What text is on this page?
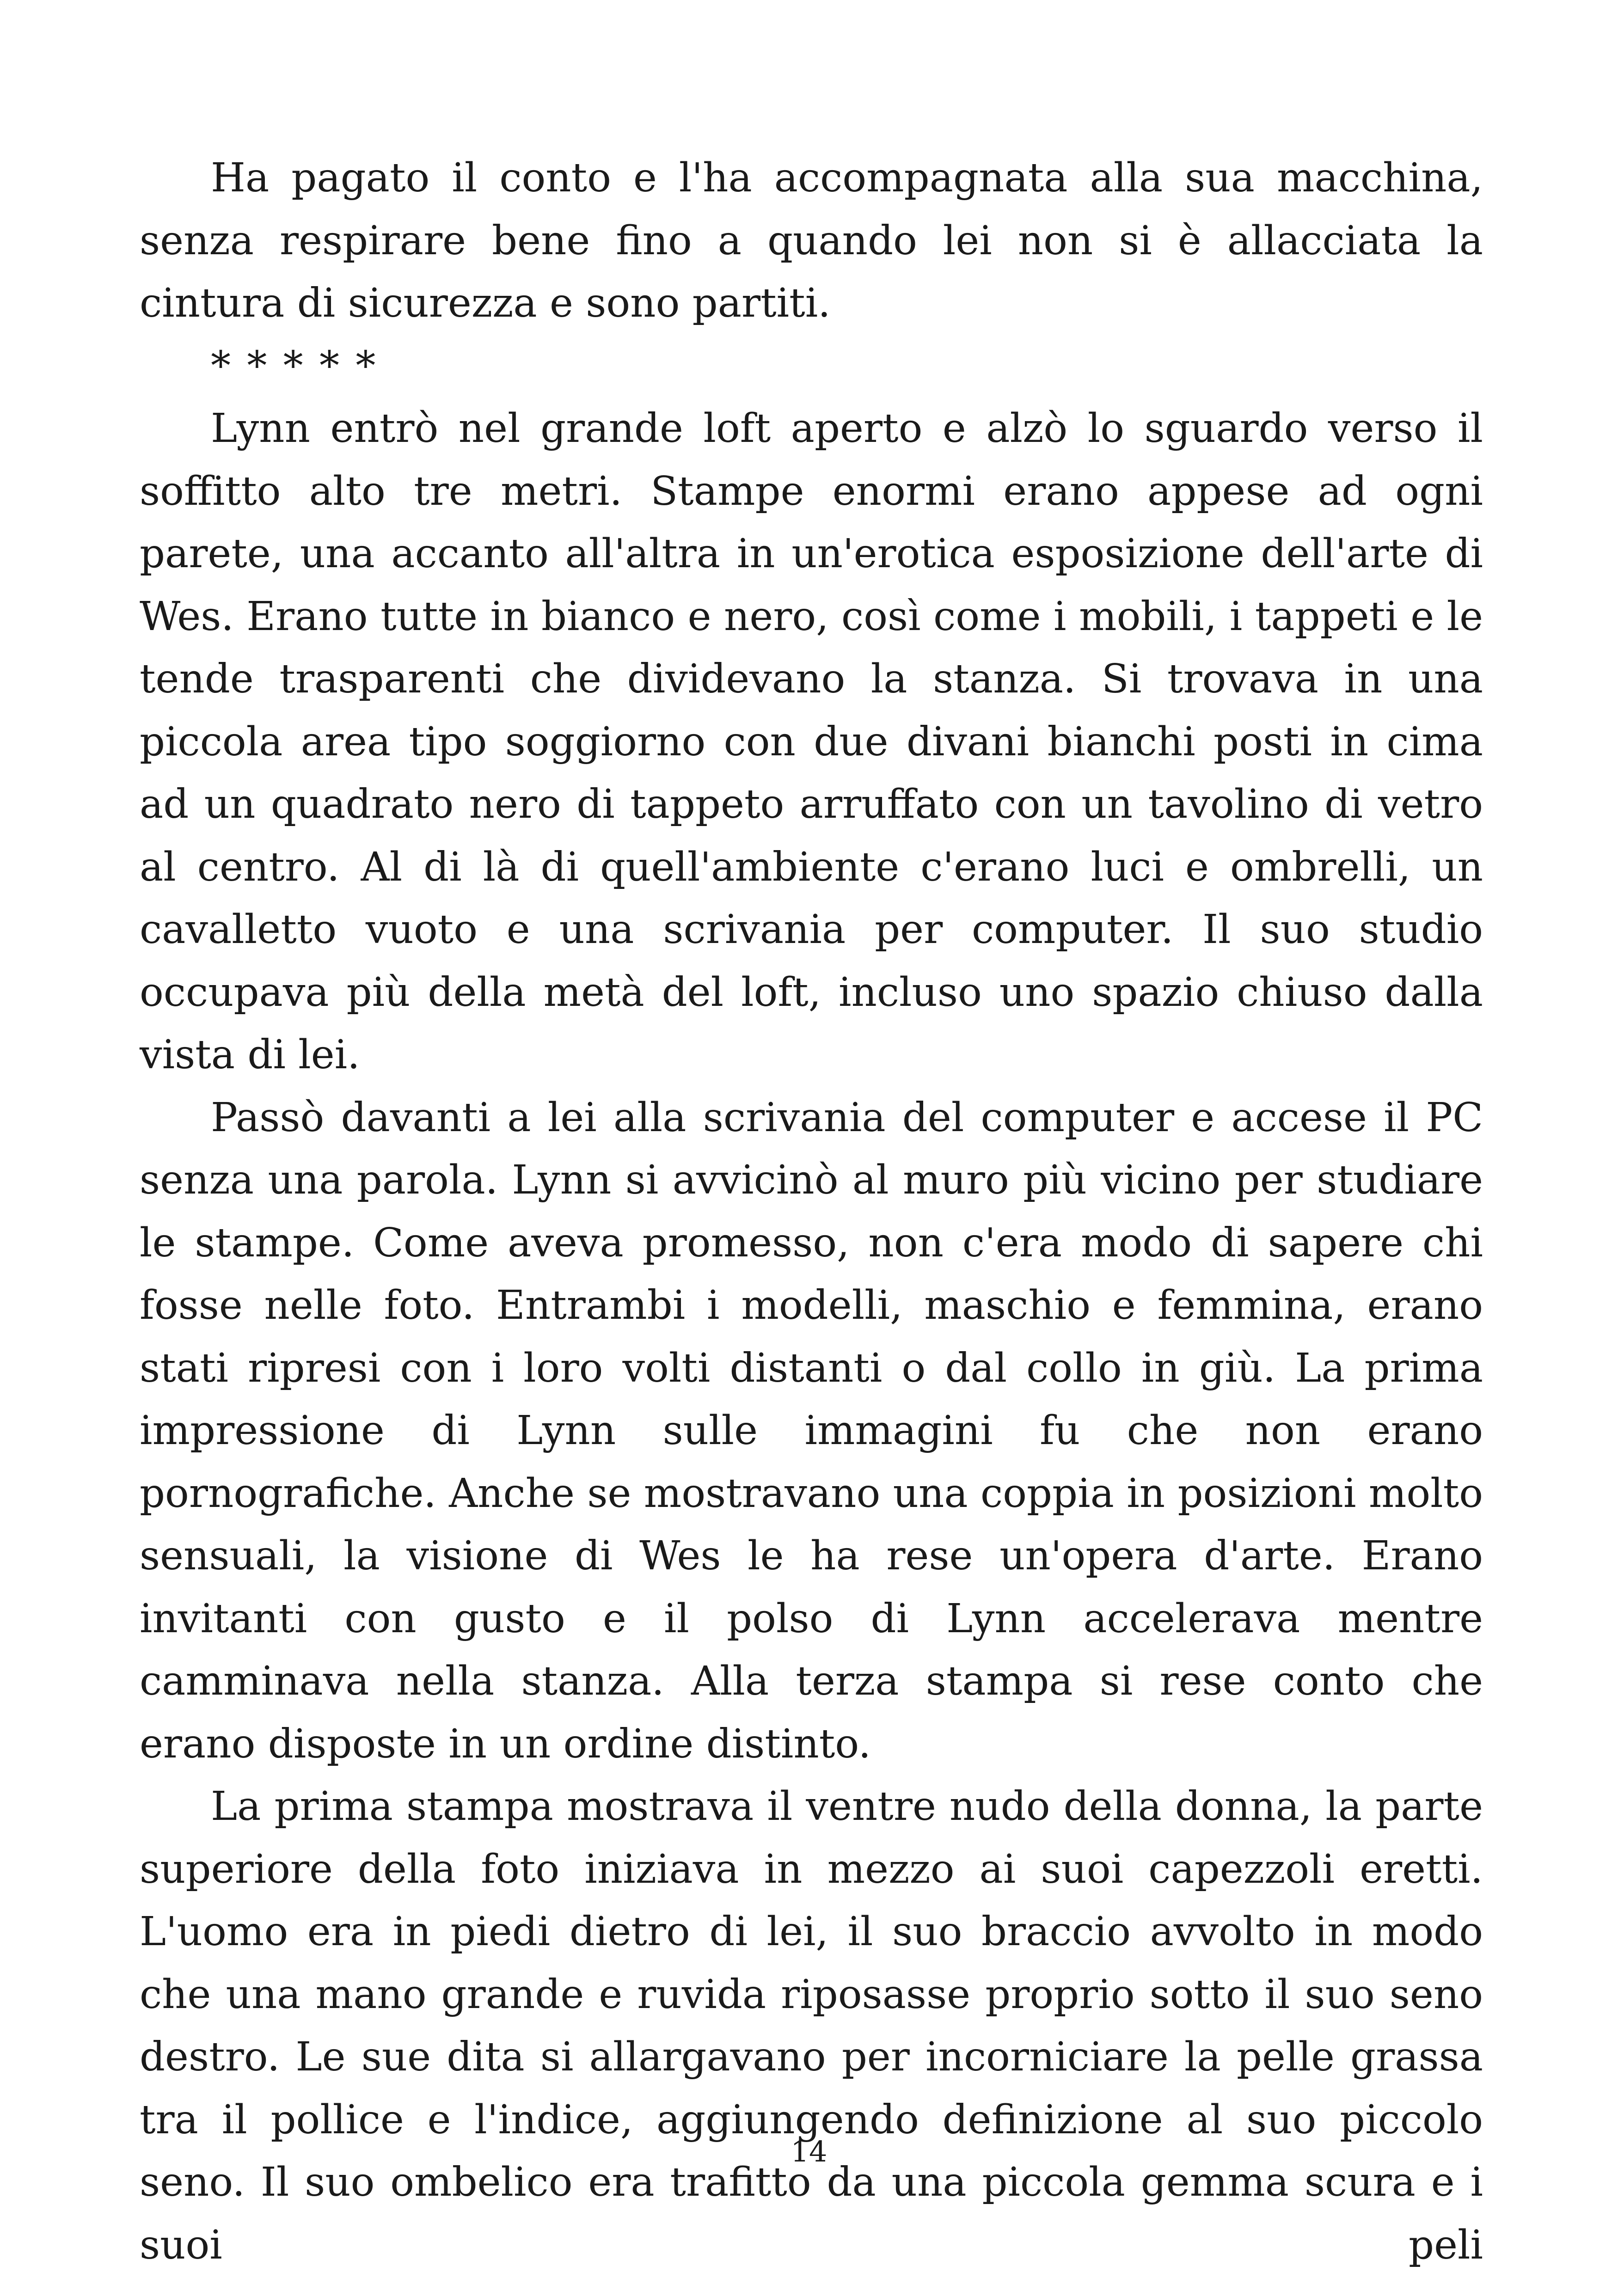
Ha pagato il conto e l'ha accompagnata alla sua macchina, senza respirare bene fino a quando lei non si è allacciata la cintura di sicurezza e sono partiti.

* * * * *

Lynn entrò nel grande loft aperto e alzò lo sguardo verso il soffitto alto tre metri. Stampe enormi erano appese ad ogni parete, una accanto all'altra in un'erotica esposizione dell'arte di Wes. Erano tutte in bianco e nero, così come i mobili, i tappeti e le tende trasparenti che dividevano la stanza. Si trovava in una piccola area tipo soggiorno con due divani bianchi posti in cima ad un quadrato nero di tappeto arruffato con un tavolino di vetro al centro. Al di là di quell'ambiente c'erano luci e ombrelli, un cavalletto vuoto e una scrivania per computer. Il suo studio occupava più della metà del loft, incluso uno spazio chiuso dalla vista di lei.

Passò davanti a lei alla scrivania del computer e accese il PC senza una parola. Lynn si avvicinò al muro più vicino per studiare le stampe. Come aveva promesso, non c'era modo di sapere chi fosse nelle foto. Entrambi i modelli, maschio e femmina, erano stati ripresi con i loro volti distanti o dal collo in giù. La prima impressione di Lynn sulle immagini fu che non erano pornografiche. Anche se mostravano una coppia in posizioni molto sensuali, la visione di Wes le ha rese un'opera d'arte. Erano invitanti con gusto e il polso di Lynn accelerava mentre camminava nella stanza. Alla terza stampa si rese conto che erano disposte in un ordine distinto.

La prima stampa mostrava il ventre nudo della donna, la parte superiore della foto iniziava in mezzo ai suoi capezzoli eretti. L'uomo era in piedi dietro di lei, il suo braccio avvolto in modo che una mano grande e ruvida riposasse proprio sotto il suo seno destro. Le sue dita si allargavano per incorniciare la pelle grassa tra il pollice e l'indice, aggiungendo definizione al suo piccolo seno. Il suo ombelico era trafitto da una piccola gemma scura e i suoi peli

14
